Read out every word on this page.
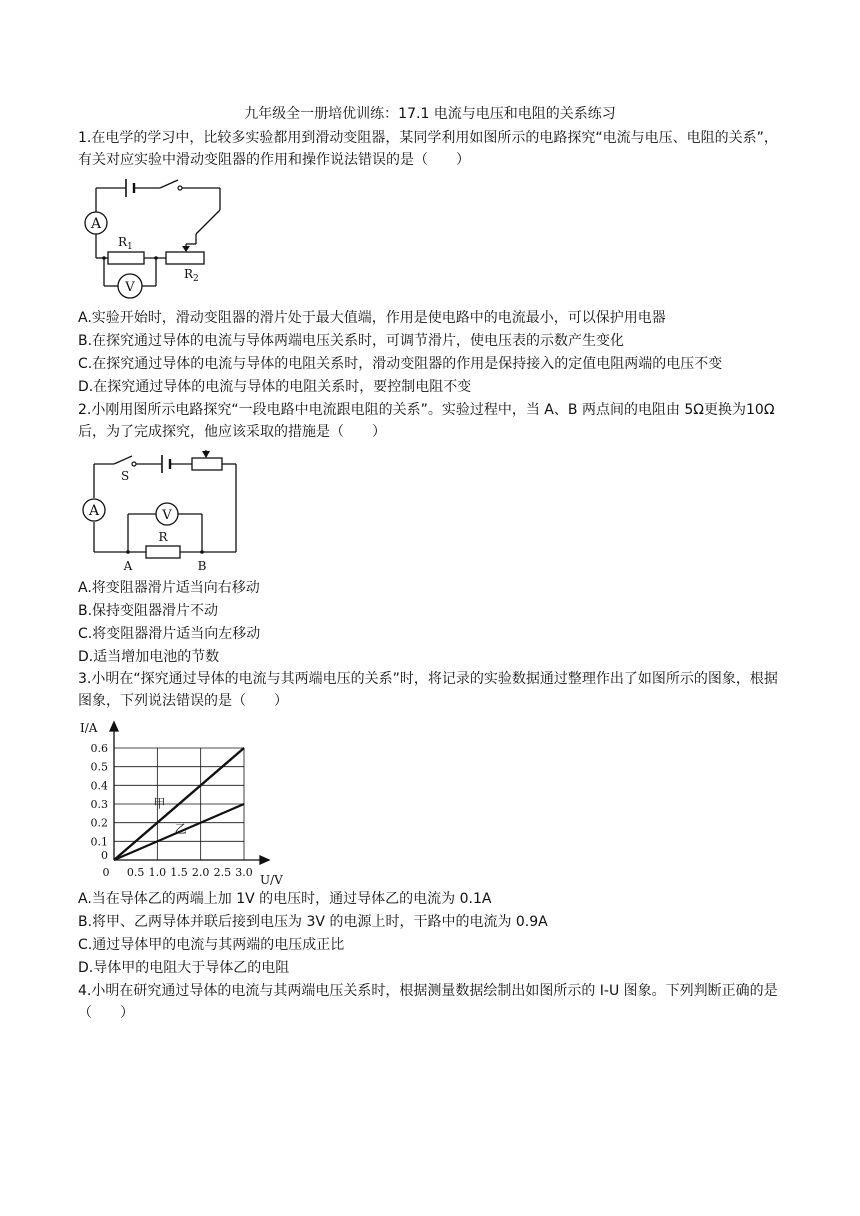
九年级全一册培优训练：17.1 电流与电压和电阻的关系练习

1.在电学的学习中，比较多实验都用到滑动变阻器，某同学利用如图所示的电路探究“电流与电压、电阻的关系”，有关对应实验中滑动变阻器的作用和操作说法错误的是（　　）

A
V
$R_1$
$R_2$

A.实验开始时，滑动变阻器的滑片处于最大值端，作用是使电路中的电流最小，可以保护用电器

B.在探究通过导体的电流与导体两端电压关系时，可调节滑片，使电压表的示数产生变化

C.在探究通过导体的电流与导体的电阻关系时，滑动变阻器的作用是保持接入的定值电阻两端的电压不变

D.在探究通过导体的电流与导体的电阻关系时，要控制电阻不变

2.小刚用图所示电路探究“一段电路中电流跟电阻的关系”。实验过程中，当 A、B 两点间的电阻由 5Ω更换为10Ω后，为了完成探究，他应该采取的措施是（　　）

S
A	V
R
A	B

A.将变阻器滑片适当向右移动

B.保持变阻器滑片不动

C.将变阻器滑片适当向左移动

D.适当增加电池的节数

3.小明在“探究通过导体的电流与其两端电压的关系”时，将记录的实验数据通过整理作出了如图所示的图象，根据图象，下列说法错误的是（　　）

甲
乙
0.1
0.2
0.3
0.4
0.5
0.6
0
0 0.5 1.0 1.5 2.0 2.5 3.0
I/A
U/V

A.当在导体乙的两端上加 1V 的电压时，通过导体乙的电流为 0.1A

B.将甲、乙两导体并联后接到电压为 3V 的电源上时，干路中的电流为 0.9A

C.通过导体甲的电流与其两端的电压成正比

D.导体甲的电阻大于导体乙的电阻

4.小明在研究通过导体的电流与其两端电压关系时，根据测量数据绘制出如图所示的 I-U 图象。下列判断正确的是（　　）
